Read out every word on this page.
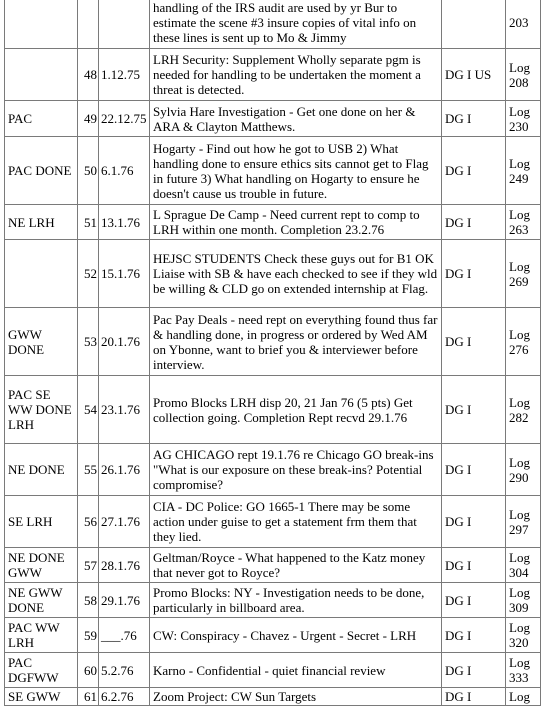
			handling of the IRS audit are used by yr Bur to estimate the scene #3 insure copies of vital info on these lines is sent up to Mo & Jimmy		203
	48	1.12.75	LRH Security: Supplement Wholly separate pgm is needed for handling to be undertaken the moment a threat is detected.	DG I US	Log 208
PAC	49	22.12.75	Sylvia Hare Investigation - Get one done on her & ARA & Clayton Matthews.	DG I	Log 230
PAC DONE	50	6.1.76	Hogarty - Find out how he got to USB 2) What handling done to ensure ethics sits cannot get to Flag in future 3) What handling on Hogarty to ensure he doesn't cause us trouble in future.	DG I	Log 249
NE LRH	51	13.1.76	L Sprague De Camp - Need current rept to comp to LRH within one month. Completion 23.2.76	DG I	Log 263
	52	15.1.76	HEJSC STUDENTS Check these guys out for B1 OK Liaise with SB & have each checked to see if they wld be willing & CLD go on extended internship at Flag.	DG I	Log 269
GWW DONE	53	20.1.76	Pac Pay Deals - need rept on everything found thus far & handling done, in progress or ordered by Wed AM on Ybonne, want to brief you & interviewer before interview.	DG I	Log 276
PAC SE WW DONE LRH	54	23.1.76	Promo Blocks LRH disp 20, 21 Jan 76 (5 pts) Get collection going. Completion Rept recvd 29.1.76	DG I	Log 282
NE DONE	55	26.1.76	AG CHICAGO rept 19.1.76 re Chicago GO break-ins "What is our exposure on these break-ins? Potential compromise?	DG I	Log 290
SE LRH	56	27.1.76	CIA - DC Police: GO 1665-1 There may be some action under guise to get a statement frm them that they lied.	DG I	Log 297
NE DONE GWW	57	28.1.76	Geltman/Royce - What happened to the Katz money that never got to Royce?	DG I	Log 304
NE GWW DONE	58	29.1.76	Promo Blocks: NY - Investigation needs to be done, particularly in billboard area.	DG I	Log 309
PAC WW LRH	59	___.76	CW: Conspiracy - Chavez - Urgent - Secret - LRH	DG I	Log 320
PAC DGFWW	60	5.2.76	Karno - Confidential - quiet financial review	DG I	Log 333
SE GWW	61	6.2.76	Zoom Project: CW Sun Targets	DG I	Log
